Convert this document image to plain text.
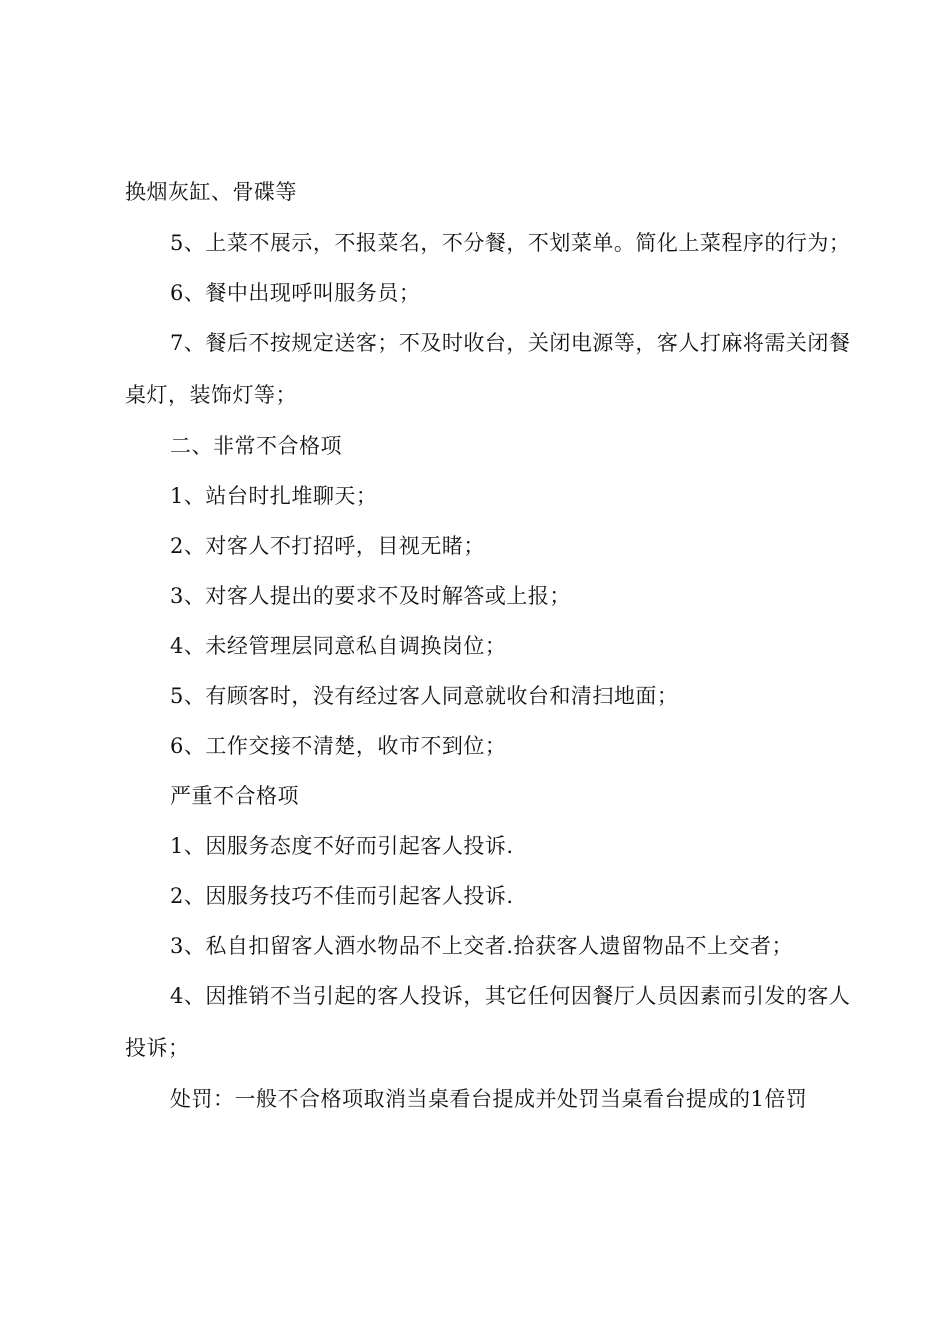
换烟灰缸、骨碟等
5、上菜不展示，不报菜名，不分餐，不划菜单。简化上菜程序的行为；
6、餐中出现呼叫服务员；
7、餐后不按规定送客；不及时收台，关闭电源等，客人打麻将需关闭餐
桌灯，装饰灯等；
二、非常不合格项
1、站台时扎堆聊天；
2、对客人不打招呼，目视无睹；
3、对客人提出的要求不及时解答或上报；
4、未经管理层同意私自调换岗位；
5、有顾客时，没有经过客人同意就收台和清扫地面；
6、工作交接不清楚，收市不到位；
严重不合格项
1、因服务态度不好而引起客人投诉.
2、因服务技巧不佳而引起客人投诉.
3、私自扣留客人酒水物品不上交者.拾获客人遗留物品不上交者；
4、因推销不当引起的客人投诉，其它任何因餐厅人员因素而引发的客人
投诉；
处罚：一般不合格项取消当桌看台提成并处罚当桌看台提成的1倍罚
